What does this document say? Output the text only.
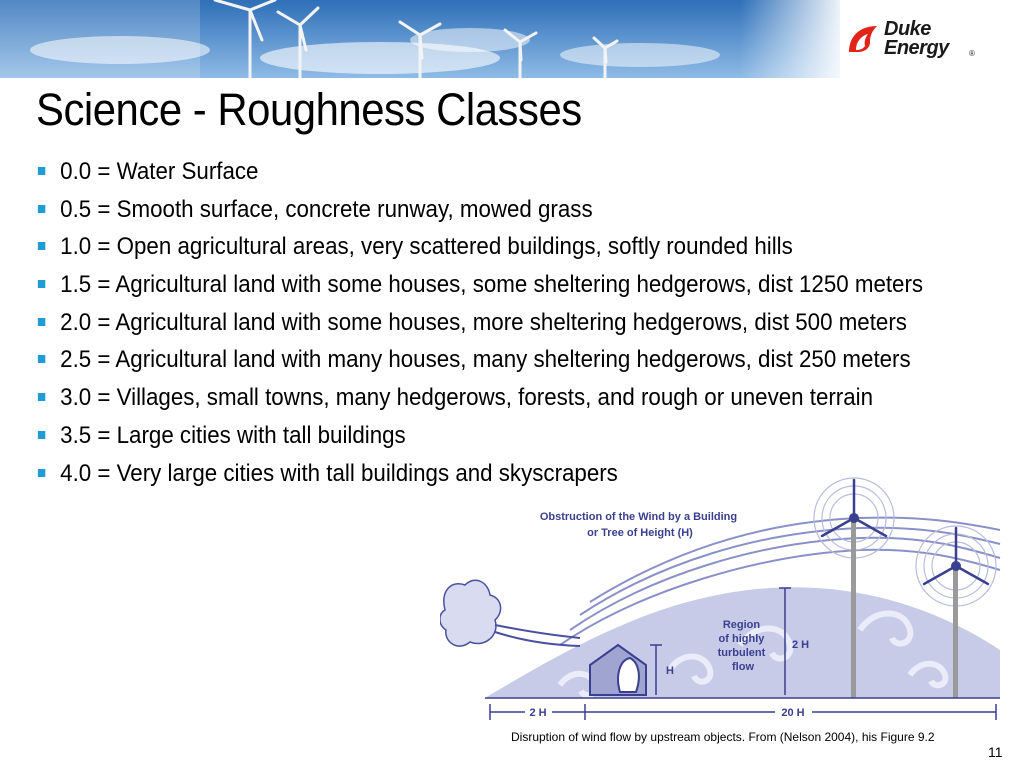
Duke
Energy	®
Science - Roughness Classes
0.0 = Water Surface
0.5 = Smooth surface, concrete runway, mowed grass
1.0 = Open agricultural areas, very scattered buildings, softly rounded hills
1.5 = Agricultural land with some houses, some sheltering hedgerows, dist 1250 meters
2.0 = Agricultural land with some houses, more sheltering hedgerows, dist 500 meters
2.5 = Agricultural land with many houses, many sheltering hedgerows, dist 250 meters
3.0 = Villages, small towns, many hedgerows, forests, and rough or uneven terrain
3.5 = Large cities with tall buildings
4.0 = Very large cities with tall buildings and skyscrapers
H
2 H
Region of highly turbulent flow
2 H	20 H
Obstruction of the Wind by a Building or Tree of Height (H)
Disruption of wind flow by upstream objects. From (Nelson 2004), his Figure 9.2
11
